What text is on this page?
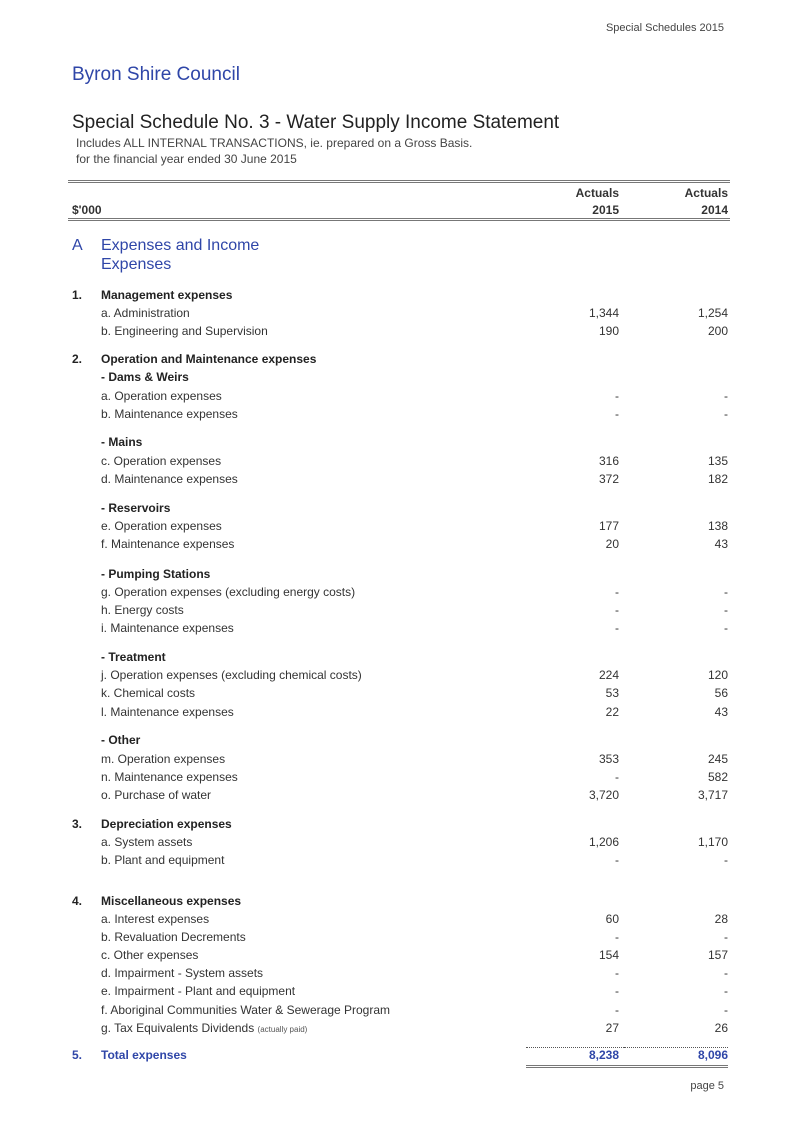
Special Schedules 2015
Byron Shire Council
Special Schedule No. 3 - Water Supply Income Statement
Includes ALL INTERNAL TRANSACTIONS, ie. prepared on a Gross Basis.
for the financial year ended 30 June 2015
Actuals	Actuals
$'000	2015	2014
A Expenses and Income
Expenses
1. Management expenses
a. Administration	1,344	1,254
b. Engineering and Supervision	190	200
2. Operation and Maintenance expenses
- Dams & Weirs
a. Operation expenses	-	-
b. Maintenance expenses	-	-
- Mains
c. Operation expenses	316	135
d. Maintenance expenses	372	182
- Reservoirs
e. Operation expenses	177	138
f. Maintenance expenses	20	43
- Pumping Stations
g. Operation expenses (excluding energy costs)	-	-
h. Energy costs	-	-
i. Maintenance expenses	-	-
- Treatment
j. Operation expenses (excluding chemical costs)	224	120
k. Chemical costs	53	56
l. Maintenance expenses	22	43
- Other
m. Operation expenses	353	245
n. Maintenance expenses	-	582
o. Purchase of water	3,720	3,717
3. Depreciation expenses
a. System assets	1,206	1,170
b. Plant and equipment	-	-
4. Miscellaneous expenses
a. Interest expenses	60	28
b. Revaluation Decrements	-	-
c. Other expenses	154	157
d. Impairment - System assets	-	-
e. Impairment - Plant and equipment	-	-
f. Aboriginal Communities Water & Sewerage Program	-	-
g. Tax Equivalents Dividends (actually paid)	27	26
5. Total expenses	8,238	8,096
page 5
